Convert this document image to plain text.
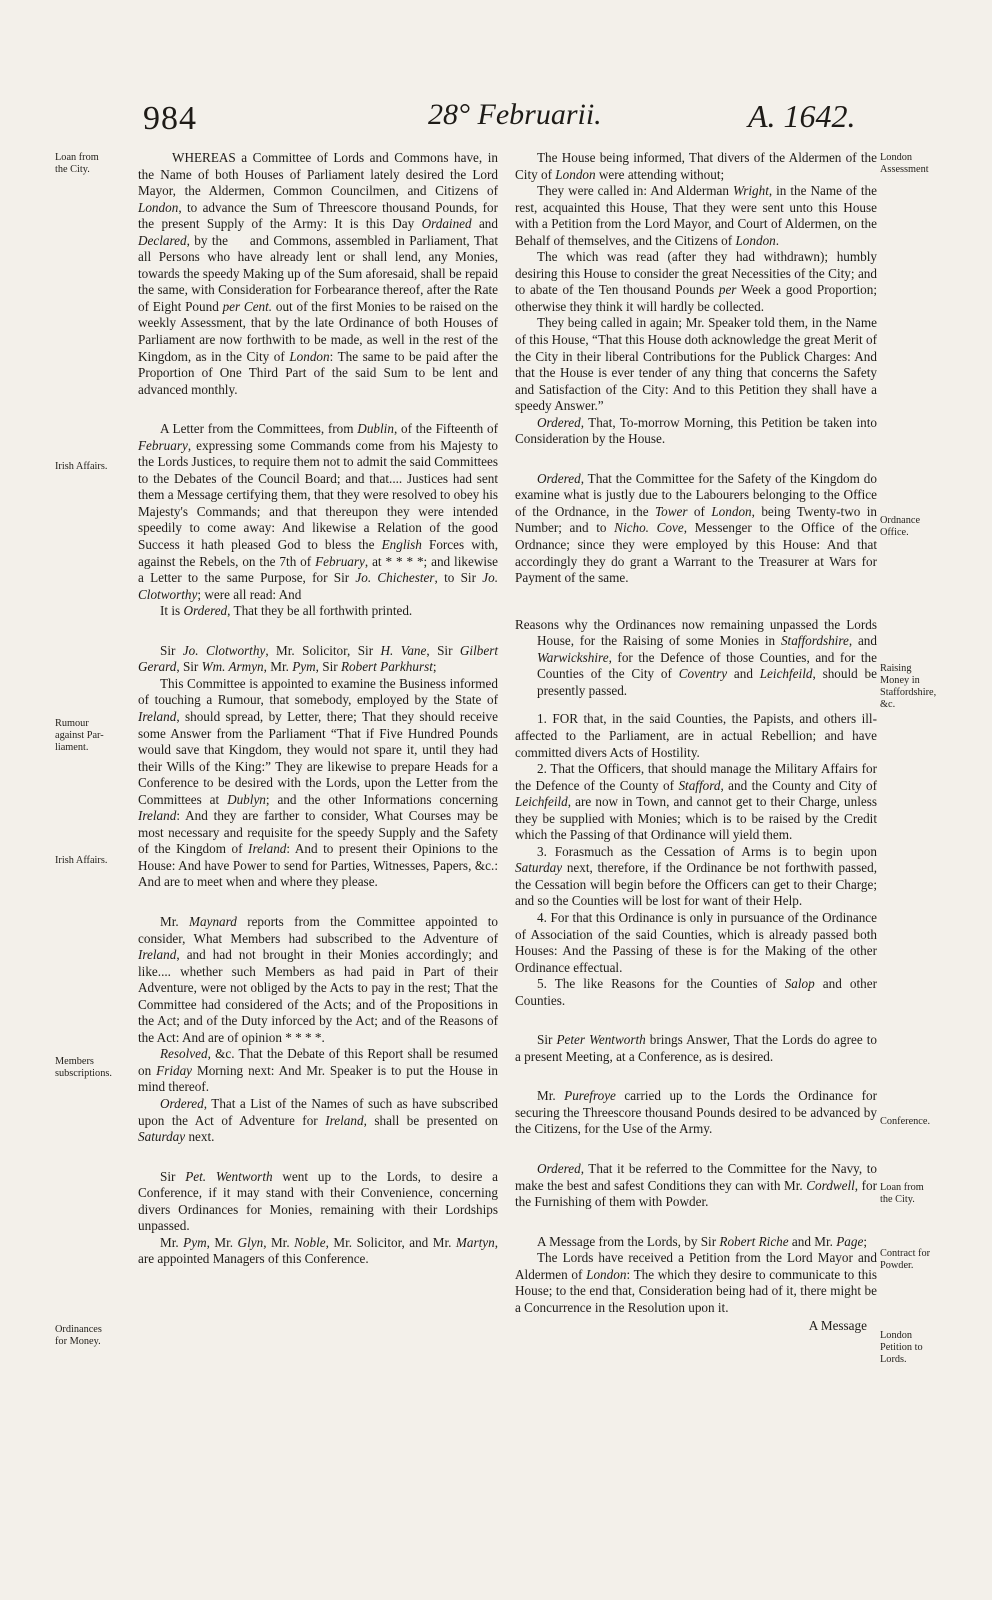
984	28° Februarii.	A. 1642.
Loan from
the City.
Irish Affairs.
Rumour
against Par-
liament.
Irish Affairs.
Members
subscriptions.
Ordinances
for Money.
London
Assessment
Ordnance
Office.
Raising
Money in
Staffordshire,
&c.
Conference.
Loan from
the City.
Contract for
Powder.
London
Petition to
Lords.

WHEREAS a Committee of Lords and Commons have, in the Name of both Houses of Parliament lately desired the Lord Mayor, the Aldermen, Common Councilmen, and Citizens of London, to advance the Sum of Threescore thousand Pounds, for the present Supply of the Army: It is this Day Ordained and Declared, by the     and Commons, assembled in Parliament, That all Persons who have already lent or shall lend, any Monies, towards the speedy Making up of the Sum aforesaid, shall be repaid the same, with Consideration for Forbearance thereof, after the Rate of Eight Pound per Cent. out of the first Monies to be raised on the weekly Assessment, that by the late Ordinance of both Houses of Parliament are now forthwith to be made, as well in the rest of the Kingdom, as in the City of London: The same to be paid after the Proportion of One Third Part of the said Sum to be lent and advanced monthly.

A Letter from the Committees, from Dublin, of the Fifteenth of February, expressing some Commands come from his Majesty to the Lords Justices, to require them not to admit the said Committees to the Debates of the Council Board; and that.... Justices had sent them a Message certifying them, that they were resolved to obey his Majesty's Commands; and that thereupon they were intended speedily to come away: And likewise a Relation of the good Success it hath pleased God to bless the English Forces with, against the Rebels, on the 7th of February, at * * * *; and likewise a Letter to the same Purpose, for Sir Jo. Chichester, to Sir Jo. Clotworthy; were all read: And

It is Ordered, That they be all forthwith printed.

Sir Jo. Clotworthy, Mr. Solicitor, Sir H. Vane, Sir Gilbert Gerard, Sir Wm. Armyn, Mr. Pym, Sir Robert Parkhurst;

This Committee is appointed to examine the Business informed of touching a Rumour, that somebody, employed by the State of Ireland, should spread, by Letter, there; That they should receive some Answer from the Parliament “That if Five Hundred Pounds would save that Kingdom, they would not spare it, until they had their Wills of the King:” They are likewise to prepare Heads for a Conference to be desired with the Lords, upon the Letter from the Committees at Dublyn; and the other Informations concerning Ireland: And they are farther to consider, What Courses may be most necessary and requisite for the speedy Supply and the Safety of the Kingdom of Ireland: And to present their Opinions to the House: And have Power to send for Parties, Witnesses, Papers, &c.: And are to meet when and where they please.

Mr. Maynard reports from the Committee appointed to consider, What Members had subscribed to the Adventure of Ireland, and had not brought in their Monies accordingly; and like.... whether such Members as had paid in Part of their Adventure, were not obliged by the Acts to pay in the rest; That the Committee had considered of the Acts; and of the Propositions in the Act; and of the Duty inforced by the Act; and of the Reasons of the Act: And are of opinion * * * *.

Resolved, &c. That the Debate of this Report shall be resumed on Friday Morning next: And Mr. Speaker is to put the House in mind thereof.

Ordered, That a List of the Names of such as have subscribed upon the Act of Adventure for Ireland, shall be presented on Saturday next.

Sir Pet. Wentworth went up to the Lords, to desire a Conference, if it may stand with their Convenience, concerning divers Ordinances for Monies, remaining with their Lordships unpassed.

Mr. Pym, Mr. Glyn, Mr. Noble, Mr. Solicitor, and Mr. Martyn, are appointed Managers of this Conference.

The House being informed, That divers of the Aldermen of the City of London were attending without;

They were called in: And Alderman Wright, in the Name of the rest, acquainted this House, That they were sent unto this House with a Petition from the Lord Mayor, and Court of Aldermen, on the Behalf of themselves, and the Citizens of London.

The which was read (after they had withdrawn); humbly desiring this House to consider the great Necessities of the City; and to abate of the Ten thousand Pounds per Week a good Proportion; otherwise they think it will hardly be collected.

They being called in again; Mr. Speaker told them, in the Name of this House, “That this House doth acknowledge the great Merit of the City in their liberal Contributions for the Publick Charges: And that the House is ever tender of any thing that concerns the Safety and Satisfaction of the City: And to this Petition they shall have a speedy Answer.”

Ordered, That, To-morrow Morning, this Petition be taken into Consideration by the House.

Ordered, That the Committee for the Safety of the Kingdom do examine what is justly due to the Labourers belonging to the Office of the Ordnance, in the Tower of London, being Twenty-two in Number; and to Nicho. Cove, Messenger to the Office of the Ordnance; since they were employed by this House: And that accordingly they do grant a Warrant to the Treasurer at Wars for Payment of the same.

Reasons why the Ordinances now remaining unpassed the Lords House, for the Raising of some Monies in Staffordshire, and Warwickshire, for the Defence of those Counties, and for the Counties of the City of Coventry and Leichfeild, should be presently passed.

1. FOR that, in the said Counties, the Papists, and others ill-affected to the Parliament, are in actual Rebellion; and have committed divers Acts of Hostility.

2. That the Officers, that should manage the Military Affairs for the Defence of the County of Stafford, and the County and City of Leichfeild, are now in Town, and cannot get to their Charge, unless they be supplied with Monies; which is to be raised by the Credit which the Passing of that Ordinance will yield them.

3. Forasmuch as the Cessation of Arms is to begin upon Saturday next, therefore, if the Ordinance be not forthwith passed, the Cessation will begin before the Officers can get to their Charge; and so the Counties will be lost for want of their Help.

4. For that this Ordinance is only in pursuance of the Ordinance of Association of the said Counties, which is already passed both Houses: And the Passing of these is for the Making of the other Ordinance effectual.

5. The like Reasons for the Counties of Salop and other Counties.

Sir Peter Wentworth brings Answer, That the Lords do agree to a present Meeting, at a Conference, as is desired.

Mr. Purefroye carried up to the Lords the Ordinance for securing the Threescore thousand Pounds desired to be advanced by the Citizens, for the Use of the Army.

Ordered, That it be referred to the Committee for the Navy, to make the best and safest Conditions they can with Mr. Cordwell, for the Furnishing of them with Powder.

A Message from the Lords, by Sir Robert Riche and Mr. Page;

The Lords have received a Petition from the Lord Mayor and Aldermen of London: The which they desire to communicate to this House; to the end that, Consideration being had of it, there might be a Concurrence in the Resolution upon it.

A Message
